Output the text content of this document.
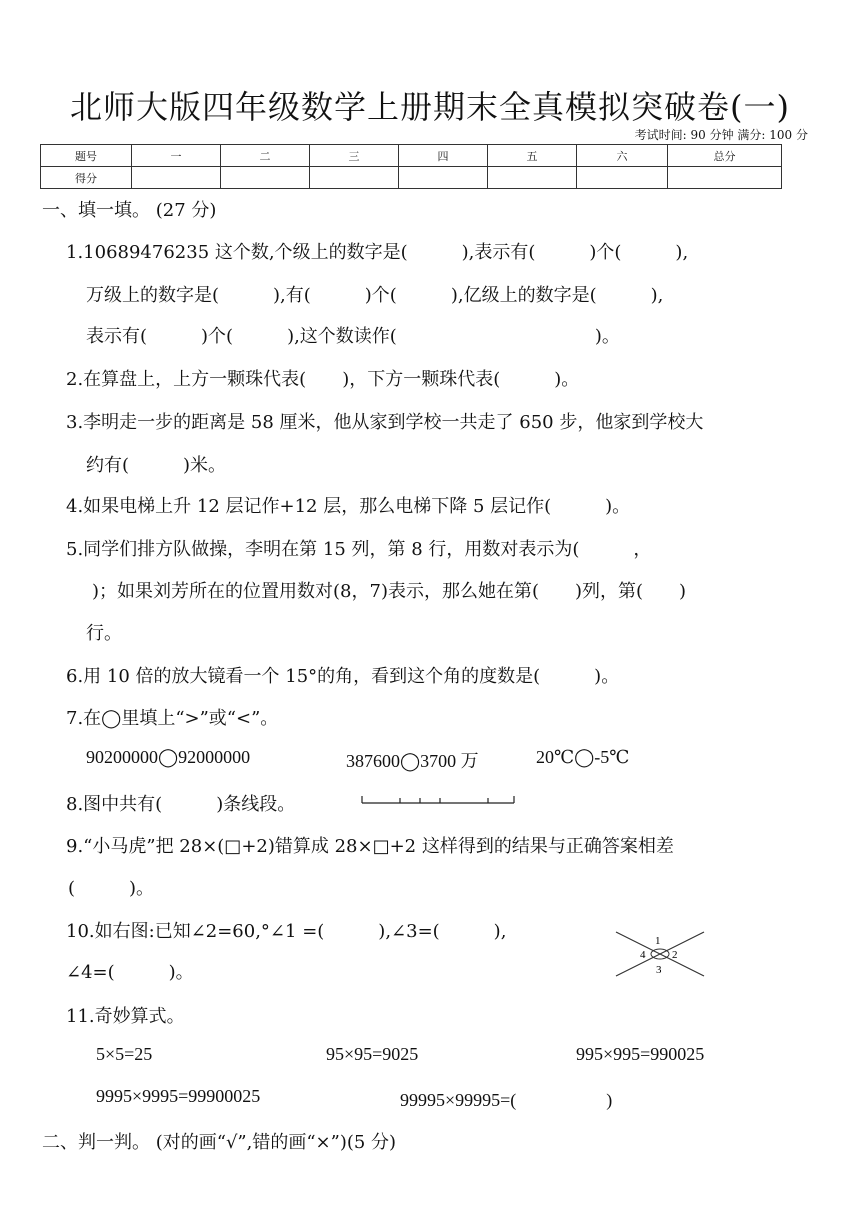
北师大版四年级数学上册期末全真模拟突破卷(一)
考试时间: 90 分钟 满分: 100 分
题号	一	二	三	四	五	六	总分
得分							
一、填一填。 (27 分)
1.10689476235 这个数,个级上的数字是(　　　),表示有(　　　)个(　　　),
万级上的数字是(　　　),有(　　　)个(　　　),亿级上的数字是(　　　),
表示有(　　　)个(　　　),这个数读作(　　　　　　　　　　　)。
2.在算盘上，上方一颗珠代表(　　)，下方一颗珠代表(　　　)。
3.李明走一步的距离是 58 厘米，他从家到学校一共走了 650 步，他家到学校大
约有(　　　)米。
4.如果电梯上升 12 层记作+12 层，那么电梯下降 5 层记作(　　　)。
5.同学们排方队做操，李明在第 15 列，第 8 行，用数对表示为(　　　，
)；如果刘芳所在的位置用数对(8，7)表示，那么她在第(　　)列，第(　　)
行。
6.用 10 倍的放大镜看一个 15°的角，看到这个角的度数是(　　　)。
7.在◯里填上“>”或“<”。
90200000◯92000000	387600◯3700 万	20℃◯-5℃
8.图中共有(　　　)条线段。
9.“小马虎”把 28×(□+2)错算成 28×□+2 这样得到的结果与正确答案相差
(　　　)。
10.如右图:已知∠2=60,°∠1 =(　　　),∠3=(　　　),
∠4=(　　　)。
1
2
3
4
11.奇妙算式。
5×5=25	95×95=9025	995×995=990025
9995×9995=99900025	99995×99995=(　　　　　)
二、判一判。 (对的画“√”,错的画“×”)(5 分)
